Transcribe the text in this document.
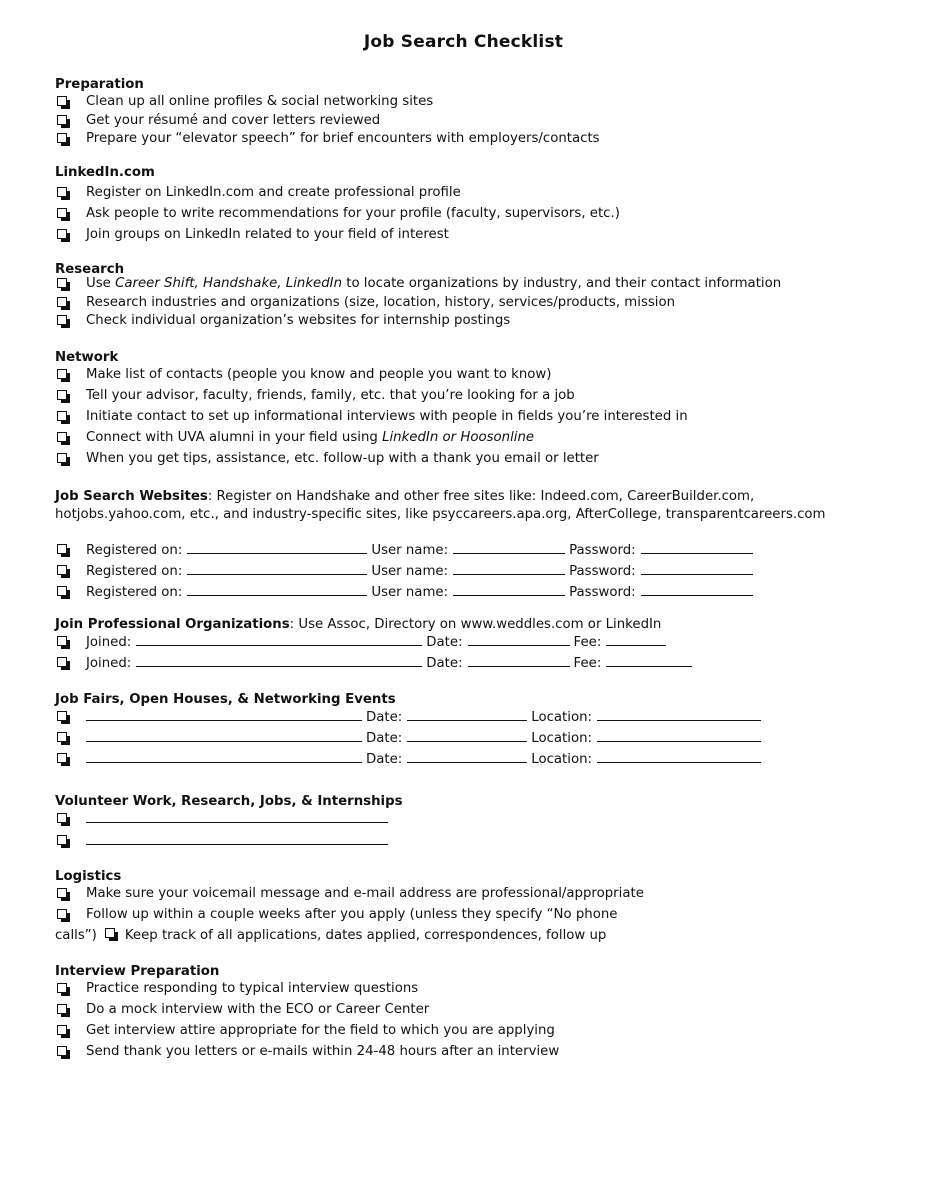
Job Search Checklist
Preparation
Clean up all online profiles & social networking sites
Get your résumé and cover letters reviewed
Prepare your “elevator speech” for brief encounters with employers/contacts
LinkedIn.com
Register on LinkedIn.com and create professional profile
Ask people to write recommendations for your profile (faculty, supervisors, etc.)
Join groups on LinkedIn related to your field of interest
Research
Use Career Shift, Handshake, LinkedIn to locate organizations by industry, and their contact information
Research industries and organizations (size, location, history, services/products, mission
Check individual organization’s websites for internship postings
Network
Make list of contacts (people you know and people you want to know)
Tell your advisor, faculty, friends, family, etc. that you’re looking for a job
Initiate contact to set up informational interviews with people in fields you’re interested in
Connect with UVA alumni in your field using LinkedIn or Hoosonline
When you get tips, assistance, etc. follow-up with a thank you email or letter
Job Search Websites: Register on Handshake and other free sites like: Indeed.com, CareerBuilder.com,
hotjobs.yahoo.com, etc., and industry-specific sites, like psyccareers.apa.org, AfterCollege, transparentcareers.com
Registered on:	User name:	Password:
Registered on:	User name:	Password:
Registered on:	User name:	Password:
Join Professional Organizations: Use Assoc, Directory on www.weddles.com or LinkedIn
Joined:	Date:	Fee:
Joined:	Date:	Fee:
Job Fairs, Open Houses, & Networking Events
Date:	Location:
Date:	Location:
Date:	Location:
Volunteer Work, Research, Jobs, & Internships
Logistics
Make sure your voicemail message and e-mail address are professional/appropriate
Follow up within a couple weeks after you apply (unless they specify “No phone
calls”) Keep track of all applications, dates applied, correspondences, follow up
Interview Preparation
Practice responding to typical interview questions
Do a mock interview with the ECO or Career Center
Get interview attire appropriate for the field to which you are applying
Send thank you letters or e-mails within 24-48 hours after an interview
